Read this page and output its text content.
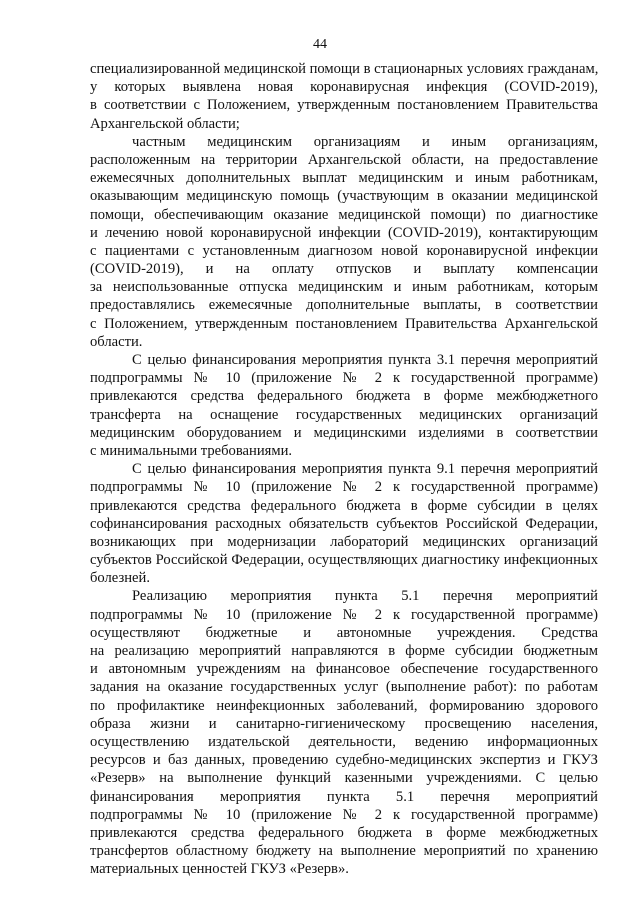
44
специализированной медицинской помощи в стационарных условиях гражданам,
у которых выявлена новая коронавирусная инфекция (COVID-2019),
в соответствии с Положением, утвержденным постановлением Правительства
Архангельской области;
частным медицинским организациям и иным организациям,
расположенным на территории Архангельской области, на предоставление
ежемесячных дополнительных выплат медицинским и иным работникам,
оказывающим медицинскую помощь (участвующим в оказании медицинской
помощи, обеспечивающим оказание медицинской помощи) по диагностике
и лечению новой коронавирусной инфекции (COVID-2019), контактирующим
с пациентами с установленным диагнозом новой коронавирусной инфекции
(COVID-2019), и на оплату отпусков и выплату компенсации
за неиспользованные отпуска медицинским и иным работникам, которым
предоставлялись ежемесячные дополнительные выплаты, в соответствии
с Положением, утвержденным постановлением Правительства Архангельской
области.
С целью финансирования мероприятия пункта 3.1 перечня мероприятий
подпрограммы № 10 (приложение № 2 к государственной программе)
привлекаются средства федерального бюджета в форме межбюджетного
трансферта на оснащение государственных медицинских организаций
медицинским оборудованием и медицинскими изделиями в соответствии
с минимальными требованиями.
С целью финансирования мероприятия пункта 9.1 перечня мероприятий
подпрограммы № 10 (приложение № 2 к государственной программе)
привлекаются средства федерального бюджета в форме субсидии в целях
софинансирования расходных обязательств субъектов Российской Федерации,
возникающих при модернизации лабораторий медицинских организаций
субъектов Российской Федерации, осуществляющих диагностику инфекционных
болезней.
Реализацию мероприятия пункта 5.1 перечня мероприятий
подпрограммы № 10 (приложение № 2 к государственной программе)
осуществляют бюджетные и автономные учреждения. Средства
на реализацию мероприятий направляются в форме субсидии бюджетным
и автономным учреждениям на финансовое обеспечение государственного
задания на оказание государственных услуг (выполнение работ): по работам
по профилактике неинфекционных заболеваний, формированию здорового
образа жизни и санитарно-гигиеническому просвещению населения,
осуществлению издательской деятельности, ведению информационных
ресурсов и баз данных, проведению судебно-медицинских экспертиз и ГКУЗ
«Резерв» на выполнение функций казенными учреждениями. С целью
финансирования мероприятия пункта 5.1 перечня мероприятий
подпрограммы № 10 (приложение № 2 к государственной программе)
привлекаются средства федерального бюджета в форме межбюджетных
трансфертов областному бюджету на выполнение мероприятий по хранению
материальных ценностей ГКУЗ «Резерв».
